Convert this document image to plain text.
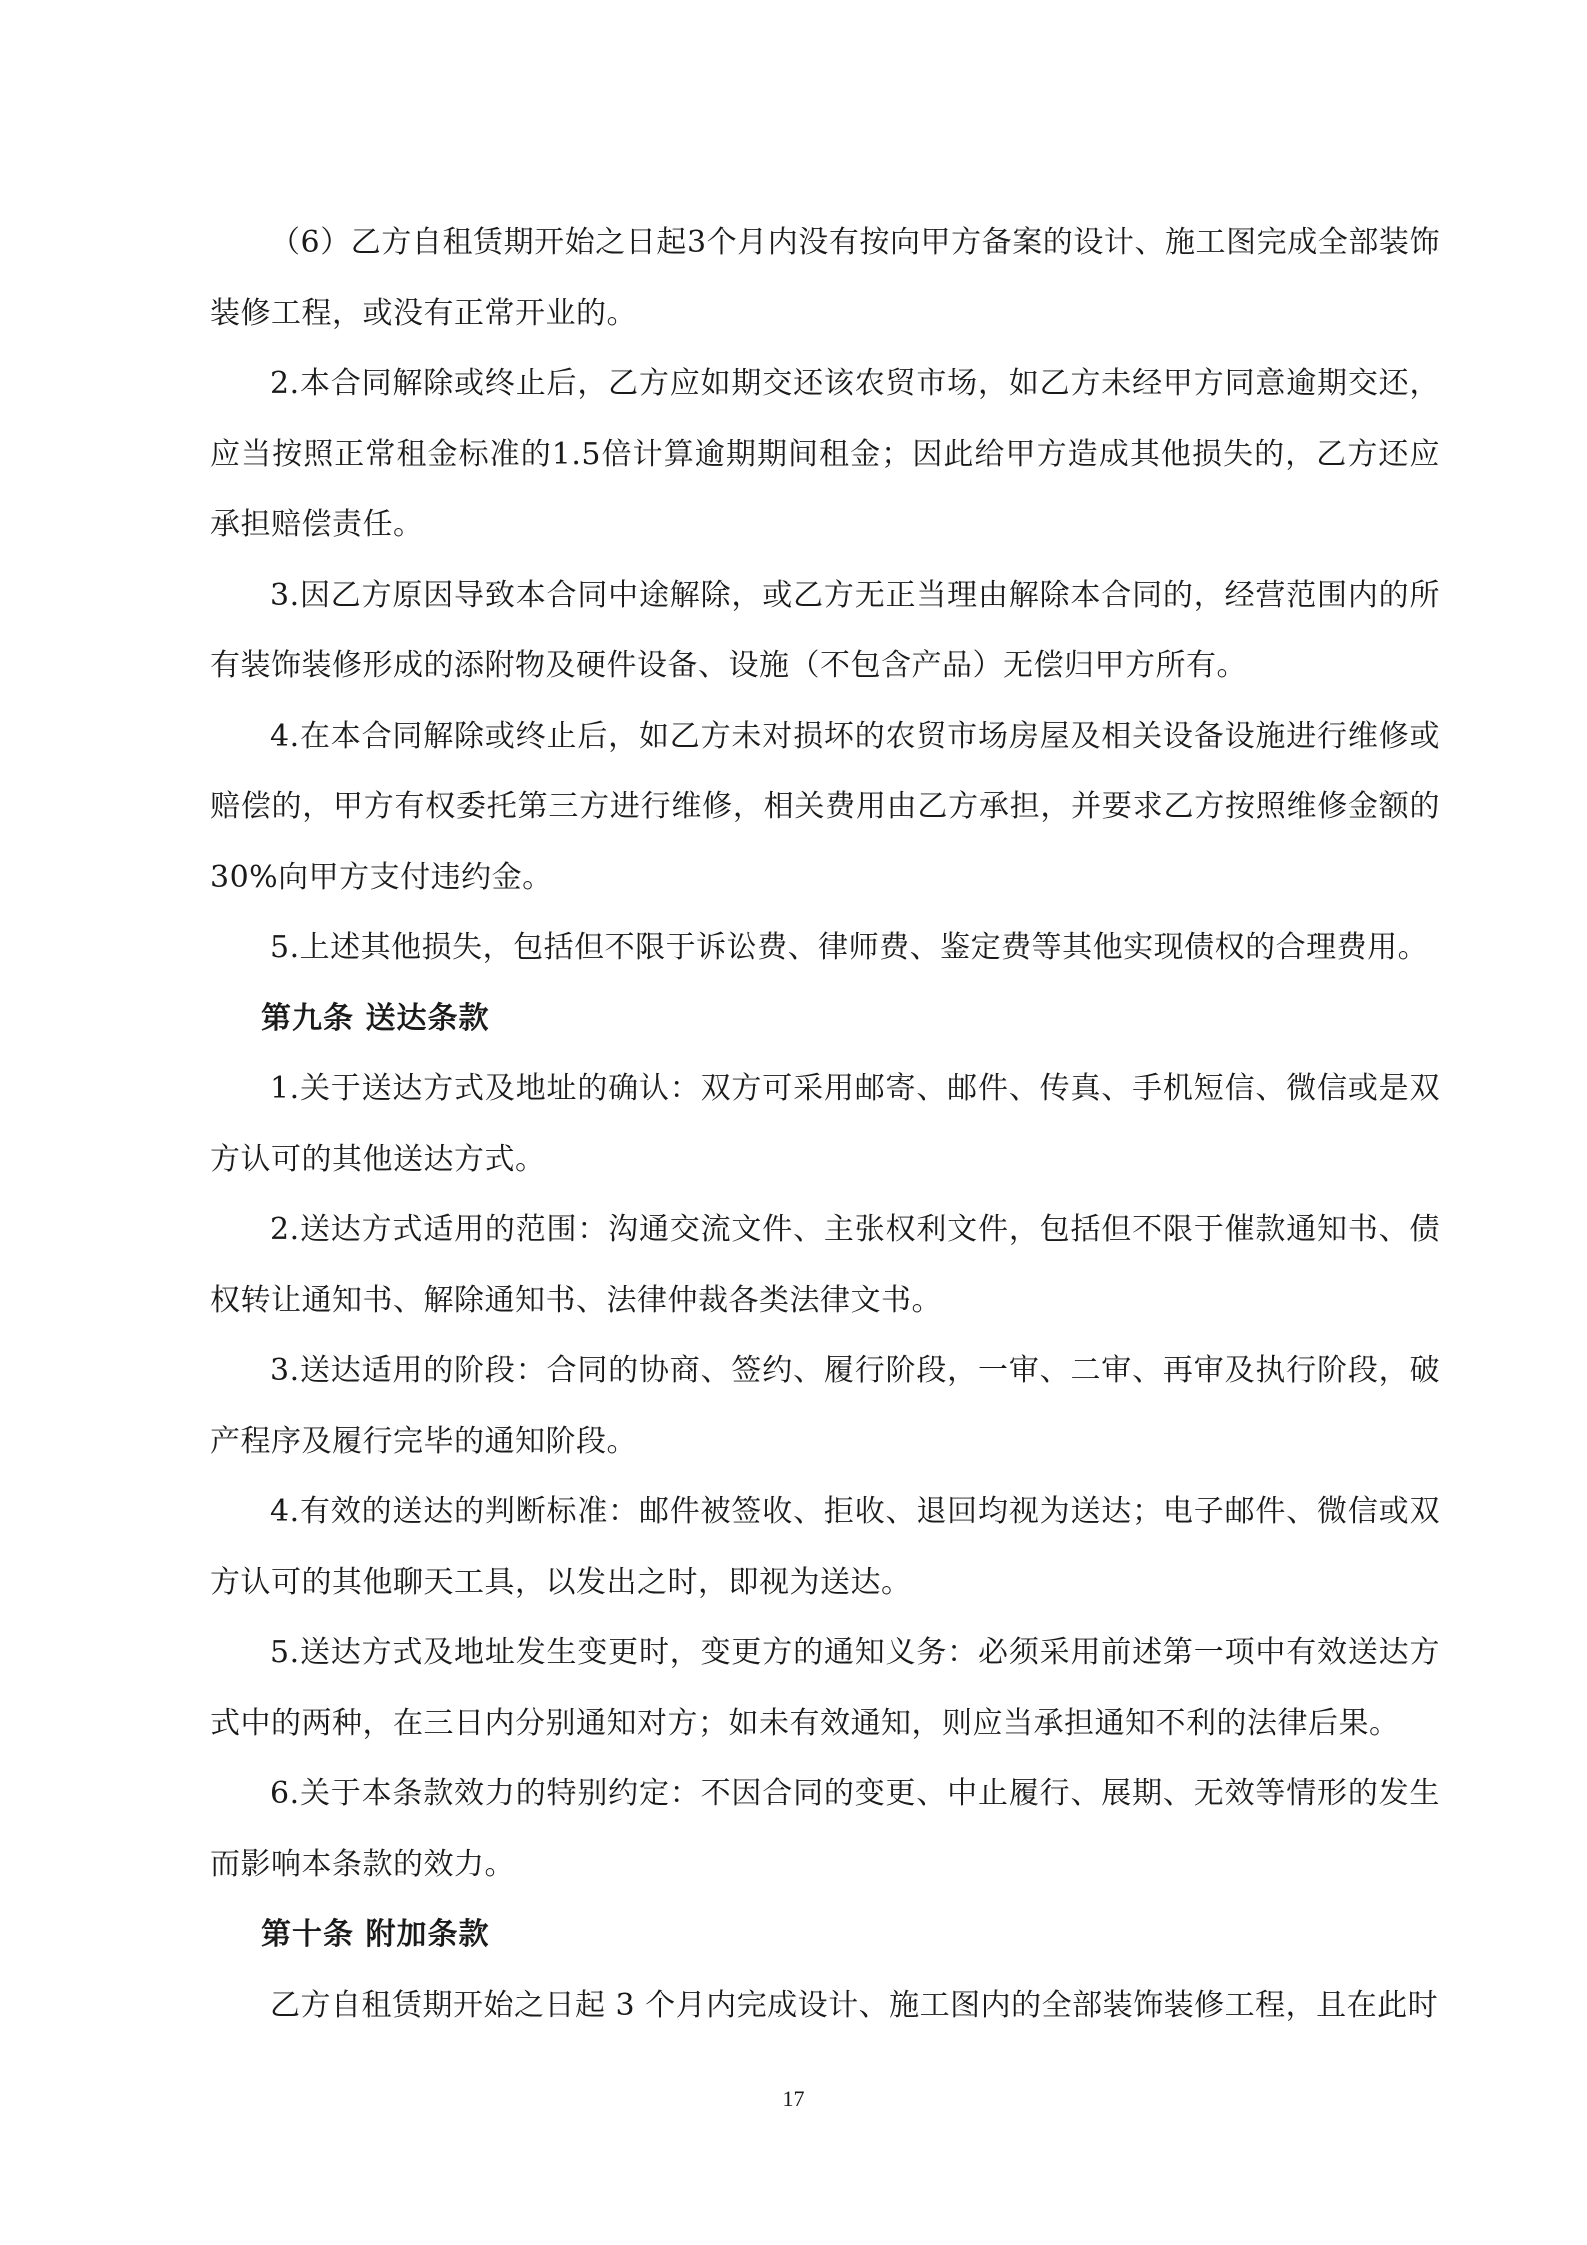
（6）乙方自租赁期开始之日起3个月内没有按向甲方备案的设计、施工图完成全部装饰装修工程，或没有正常开业的。

2.本合同解除或终止后，乙方应如期交还该农贸市场，如乙方未经甲方同意逾期交还，应当按照正常租金标准的1.5倍计算逾期期间租金；因此给甲方造成其他损失的，乙方还应承担赔偿责任。

3.因乙方原因导致本合同中途解除，或乙方无正当理由解除本合同的，经营范围内的所有装饰装修形成的添附物及硬件设备、设施（不包含产品）无偿归甲方所有。

4.在本合同解除或终止后，如乙方未对损坏的农贸市场房屋及相关设备设施进行维修或赔偿的，甲方有权委托第三方进行维修，相关费用由乙方承担，并要求乙方按照维修金额的30%向甲方支付违约金。

5.上述其他损失，包括但不限于诉讼费、律师费、鉴定费等其他实现债权的合理费用。

第九条 送达条款

1.关于送达方式及地址的确认：双方可采用邮寄、邮件、传真、手机短信、微信或是双方认可的其他送达方式。

2.送达方式适用的范围：沟通交流文件、主张权利文件，包括但不限于催款通知书、债权转让通知书、解除通知书、法律仲裁各类法律文书。

3.送达适用的阶段：合同的协商、签约、履行阶段，一审、二审、再审及执行阶段，破产程序及履行完毕的通知阶段。

4.有效的送达的判断标准：邮件被签收、拒收、退回均视为送达；电子邮件、微信或双方认可的其他聊天工具，以发出之时，即视为送达。

5.送达方式及地址发生变更时，变更方的通知义务：必须采用前述第一项中有效送达方式中的两种，在三日内分别通知对方；如未有效通知，则应当承担通知不利的法律后果。

6.关于本条款效力的特别约定：不因合同的变更、中止履行、展期、无效等情形的发生而影响本条款的效力。

第十条 附加条款

乙方自租赁期开始之日起 3 个月内完成设计、施工图内的全部装饰装修工程，且在此时

17
